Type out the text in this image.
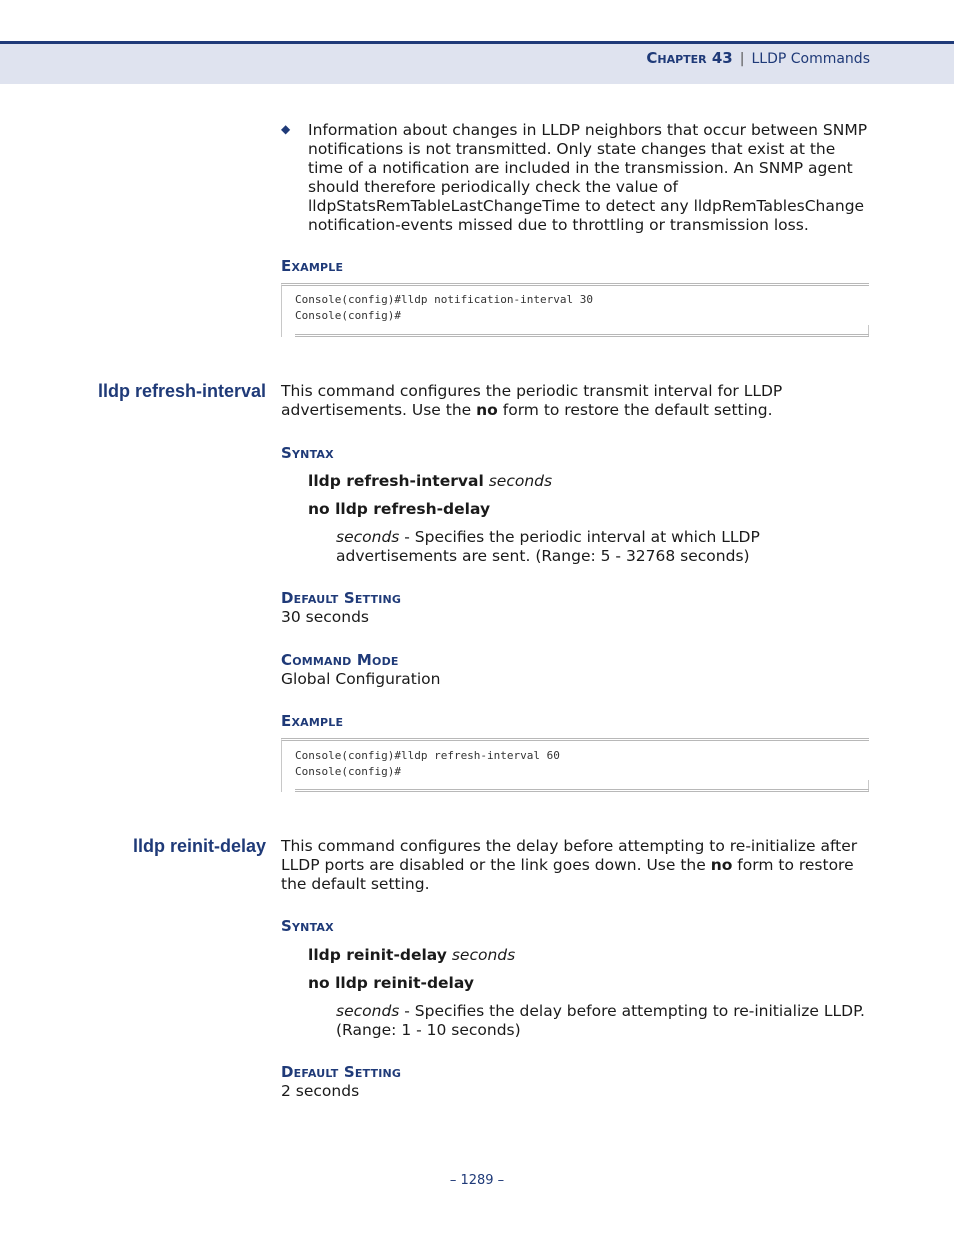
Chapter 43 | LLDP Commands
◆ Information about changes in LLDP neighbors that occur between SNMP
notifications is not transmitted. Only state changes that exist at the
time of a notification are included in the transmission. An SNMP agent
should therefore periodically check the value of
lldpStatsRemTableLastChangeTime to detect any lldpRemTablesChange
notification-events missed due to throttling or transmission loss.
Example
Console(config)#lldp notification-interval 30
Console(config)#
lldp refresh-interval This command configures the periodic transmit interval for LLDP
advertisements. Use the no form to restore the default setting.
Syntax
lldp refresh-interval seconds
no lldp refresh-delay
seconds - Specifies the periodic interval at which LLDP
advertisements are sent. (Range: 5 - 32768 seconds)
Default Setting
30 seconds
Command Mode
Global Configuration
Example
Console(config)#lldp refresh-interval 60
Console(config)#
lldp reinit-delay This command configures the delay before attempting to re-initialize after
LLDP ports are disabled or the link goes down. Use the no form to restore
the default setting.
Syntax
lldp reinit-delay seconds
no lldp reinit-delay
seconds - Specifies the delay before attempting to re-initialize LLDP.
(Range: 1 - 10 seconds)
Default Setting
2 seconds
– 1289 –
